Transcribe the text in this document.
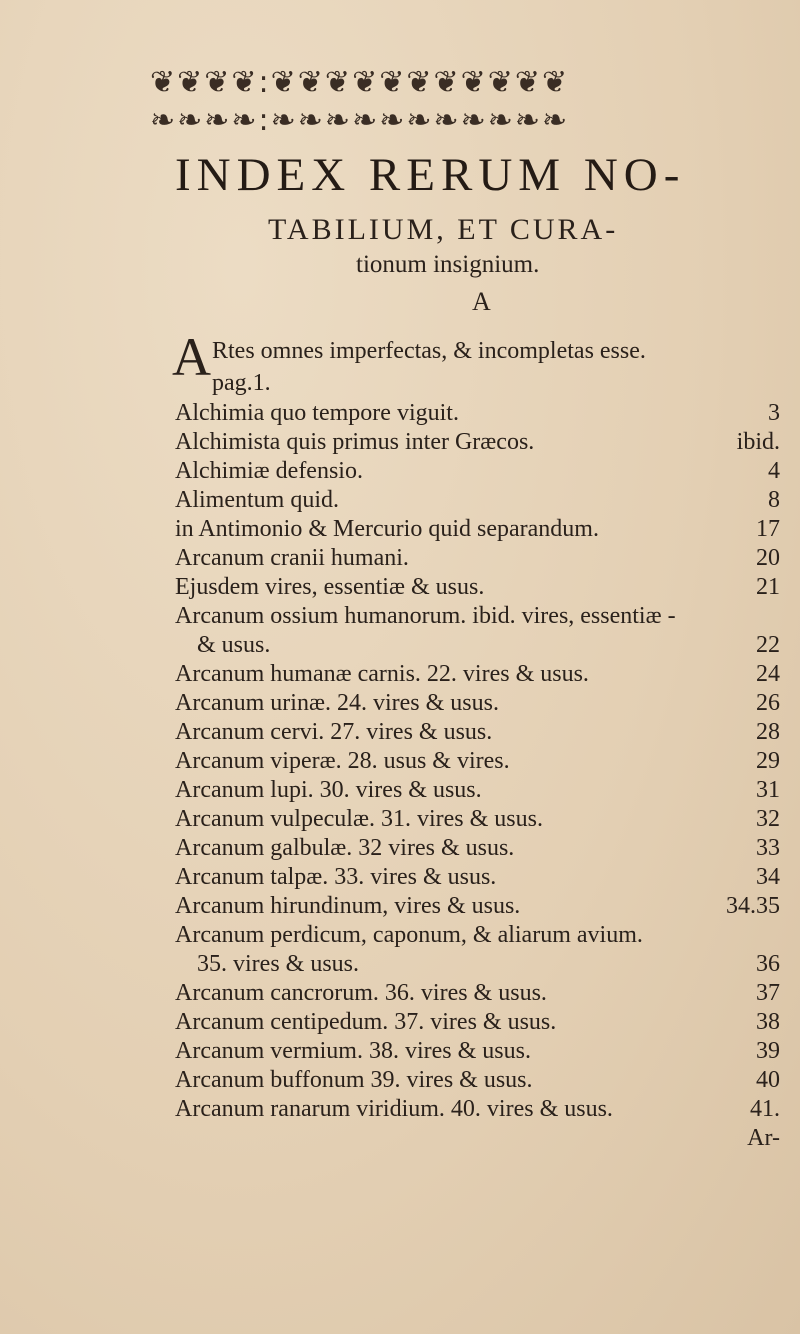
❦❦❦❦:❦❦❦❦❦❦❦❦❦❦❦
❧❧❧❧:❧❧❧❧❧❧❧❧❧❧❧
INDEX RERUM NO-
TABILIUM, ET CURA-
tionum insignium.
A
A Rtes omnes imperfectas, & incompletas esse.
pag.1.
Alchimia quo tempore viguit.	3
Alchimista quis primus inter Græcos.	ibid.
Alchimiæ defensio.	4
Alimentum quid.	8
in Antimonio & Mercurio quid separandum.	17
Arcanum cranii humani.	20
Ejusdem vires, essentiæ & usus.	21
Arcanum ossium humanorum. ibid. vires, essentiæ -
& usus.	22
Arcanum humanæ carnis. 22. vires & usus.	24
Arcanum urinæ. 24. vires & usus.	26
Arcanum cervi. 27. vires & usus.	28
Arcanum viperæ. 28. usus & vires.	29
Arcanum lupi. 30. vires & usus.	31
Arcanum vulpeculæ. 31. vires & usus.	32
Arcanum galbulæ. 32 vires & usus.	33
Arcanum talpæ. 33. vires & usus.	34
Arcanum hirundinum, vires & usus.	34.35
Arcanum perdicum, caponum, & aliarum avium.
35. vires & usus.	36
Arcanum cancrorum. 36. vires & usus.	37
Arcanum centipedum. 37. vires & usus.	38
Arcanum vermium. 38. vires & usus.	39
Arcanum buffonum 39. vires & usus.	40
Arcanum ranarum viridium. 40. vires & usus.	41.
Ar-
